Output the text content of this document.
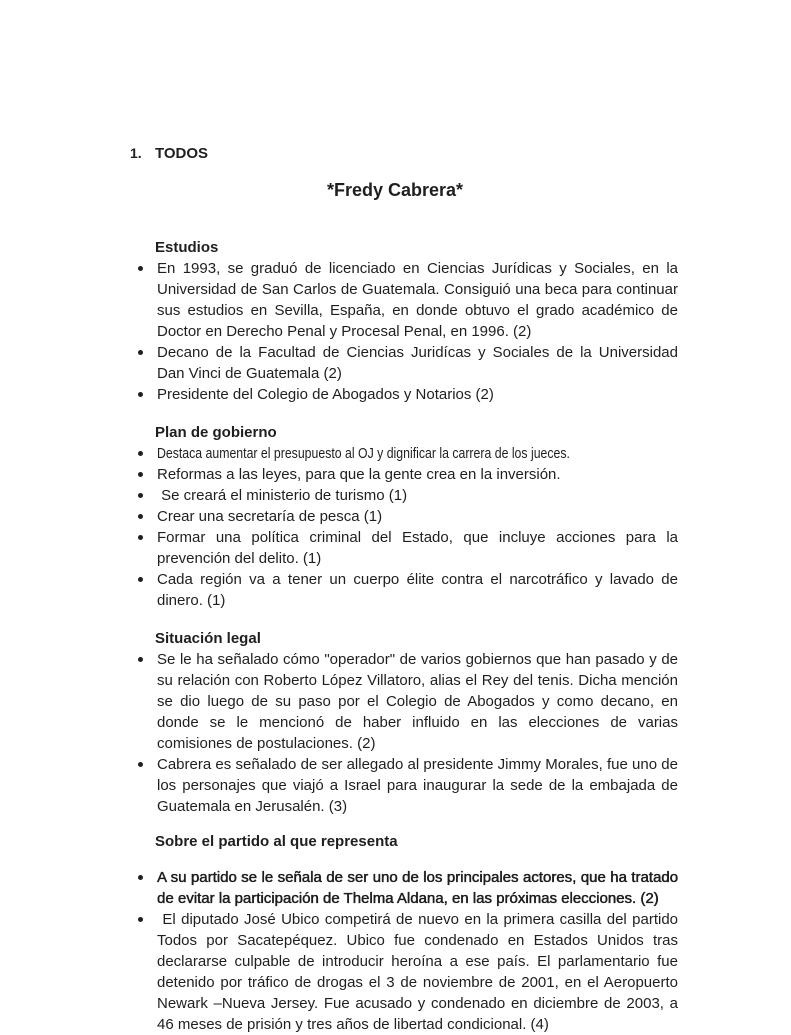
1. TODOS
*Fredy Cabrera*
Estudios
En 1993, se graduó de licenciado en Ciencias Jurídicas y Sociales, en la Universidad de San Carlos de Guatemala. Consiguió una beca para continuar sus estudios en Sevilla, España, en donde obtuvo el grado académico de Doctor en Derecho Penal y Procesal Penal, en 1996. (2)
Decano de la Facultad de Ciencias Juridícas y Sociales de la Universidad Dan Vinci de Guatemala (2)
Presidente del Colegio de Abogados y Notarios (2)
Plan de gobierno
Destaca aumentar el presupuesto al OJ y dignificar la carrera de los jueces.
Reformas a las leyes, para que la gente crea en la inversión.
Se creará el ministerio de turismo (1)
Crear una secretaría de pesca (1)
Formar una política criminal del Estado, que incluye acciones para la prevención del delito. (1)
Cada región va a tener un cuerpo élite contra el narcotráfico y lavado de dinero. (1)
Situación legal
Se le ha señalado cómo "operador" de varios gobiernos que han pasado y de su relación con Roberto López Villatoro, alias el Rey del tenis. Dicha mención se dio luego de su paso por el Colegio de Abogados y como decano, en donde se le mencionó de haber influido en las elecciones de varias comisiones de postulaciones. (2)
Cabrera es señalado de ser allegado al presidente Jimmy Morales, fue uno de los personajes que viajó a Israel para inaugurar la sede de la embajada de Guatemala en Jerusalén. (3)
Sobre el partido al que representa
A su partido se le señala de ser uno de los principales actores, que ha tratado de evitar la participación de Thelma Aldana, en las próximas elecciones. (2)
El diputado José Ubico competirá de nuevo en la primera casilla del partido Todos por Sacatepéquez. Ubico fue condenado en Estados Unidos tras declararse culpable de introducir heroína a ese país. El parlamentario fue detenido por tráfico de drogas el 3 de noviembre de 2001, en el Aeropuerto Newark –Nueva Jersey. Fue acusado y condenado en diciembre de 2003, a 46 meses de prisión y tres años de libertad condicional. (4)
